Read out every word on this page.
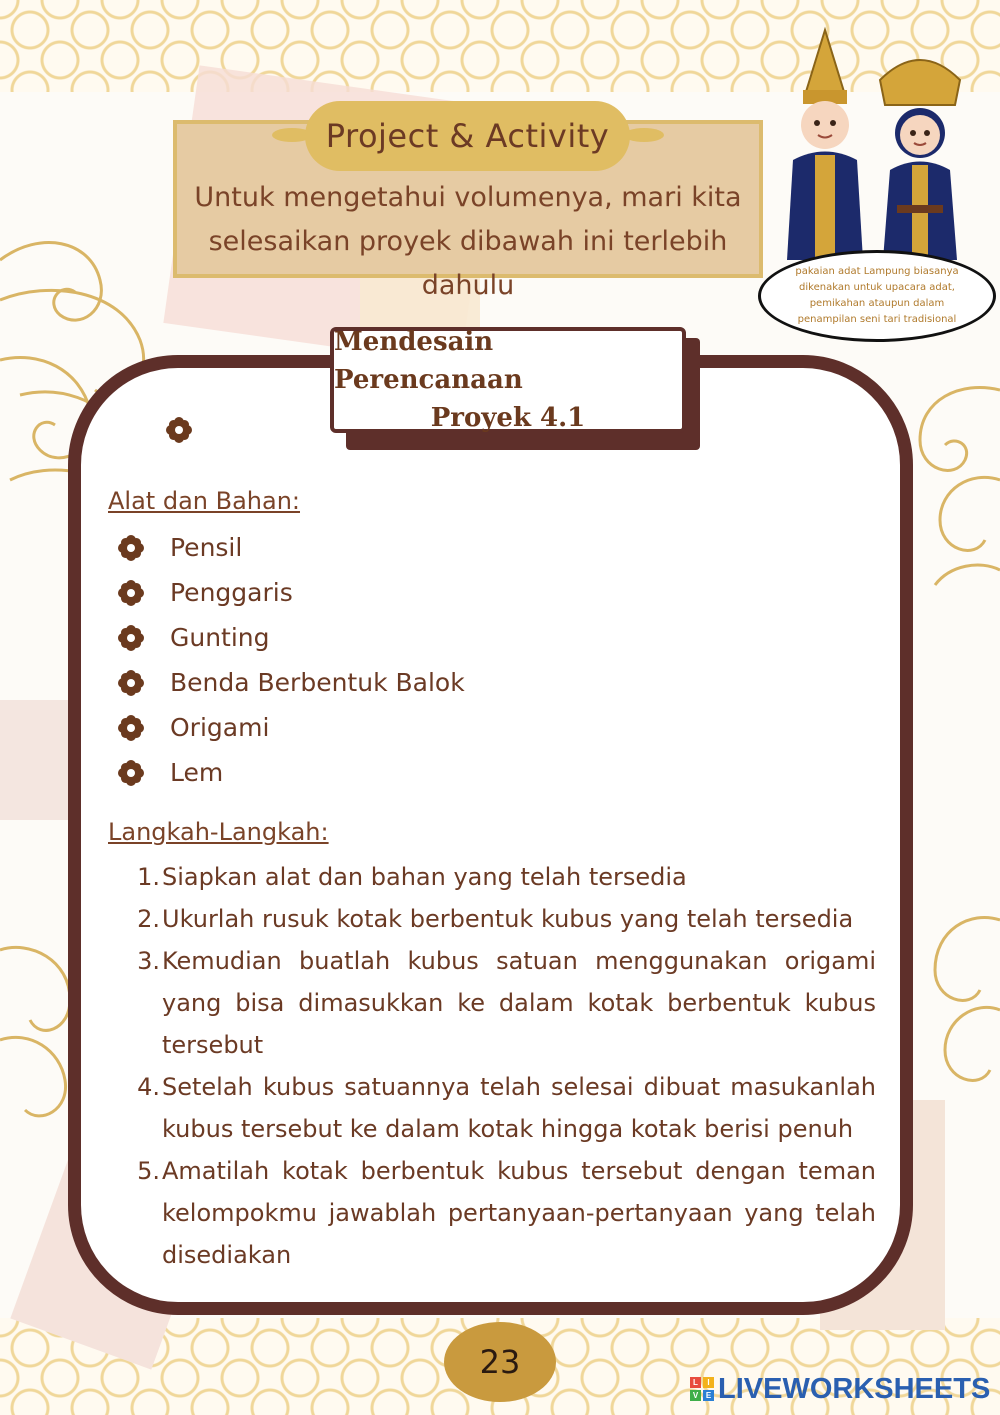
Project & Activity
Untuk mengetahui volumenya, mari kita
selesaikan proyek dibawah ini terlebih dahulu	pakaian adat Lampung biasanya dikenakan untuk upacara adat, pemikahan ataupun dalam penampilan seni tari tradisional
Mendesain Perencanaan
Proyek 4.1
Alat dan Bahan:
Pensil
Penggaris
Gunting
Benda Berbentuk Balok
Origami
Lem
Langkah-Langkah:
1. Siapkan alat dan bahan yang telah tersedia
2. Ukurlah rusuk kotak berbentuk kubus yang telah tersedia
3. Kemudian buatlah kubus satuan menggunakan origami yang bisa dimasukkan ke dalam kotak berbentuk kubus tersebut
4. Setelah kubus satuannya telah selesai dibuat masukanlah kubus tersebut ke dalam kotak hingga kotak berisi penuh
5. Amatilah kotak berbentuk kubus tersebut dengan teman kelompokmu jawablah pertanyaan-pertanyaan yang telah disediakan
23
L	I
V E LIVEWORKSHEETS
